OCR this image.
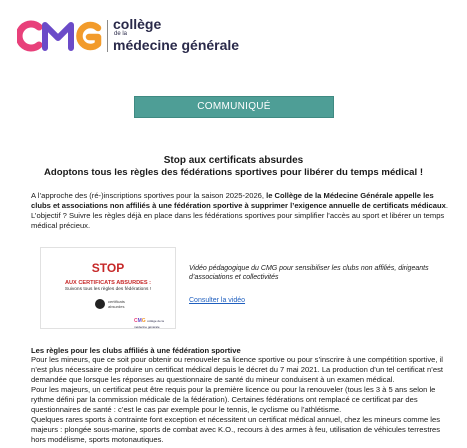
collège
de la
médecine générale
COMMUNIQUÉ
Stop aux certificats absurdes
Adoptons tous les règles des fédérations sportives pour libérer du temps médical !

A l’approche des (ré-)inscriptions sportives pour la saison 2025-2026, le Collège de la Médecine Générale appelle les clubs et associations non affiliés à une fédération sportive à supprimer l’exigence annuelle de certificats médicaux. L’objectif ? Suivre les règles déjà en place dans les fédérations sportives pour simplifier l’accès au sport et libérer un temps médical précieux.

STOP
AUX CERTIFICATS ABSURDES :
Suivons tous les règles des fédérations !
certificats absurdes
CMG collège de la médecine générale
Vidéo pédagogique du CMG pour sensibiliser les clubs non affiliés, dirigeants d’associations et collectivités
Consulter la vidéo
Les règles pour les clubs affiliés à une fédération sportive

Pour les mineurs, que ce soit pour obtenir ou renouveler sa licence sportive ou pour s’inscrire à une compétition sportive, il n’est plus nécessaire de produire un certificat médical depuis le décret du 7 mai 2021. La production d’un tel certificat n’est demandée que lorsque les réponses au questionnaire de santé du mineur conduisent à un examen médical.

Pour les majeurs, un certificat peut être requis pour la première licence ou pour la renouveler (tous les 3 à 5 ans selon le rythme défini par la commission médicale de la fédération). Certaines fédérations ont remplacé ce certificat par des questionnaires de santé : c’est le cas par exemple pour le tennis, le cyclisme ou l’athlétisme.

Quelques rares sports à contrainte font exception et nécessitent un certificat médical annuel, chez les mineurs comme les majeurs : plongée sous-marine, sports de combat avec K.O., recours à des armes à feu, utilisation de véhicules terrestres hors modélisme, sports motonautiques.
